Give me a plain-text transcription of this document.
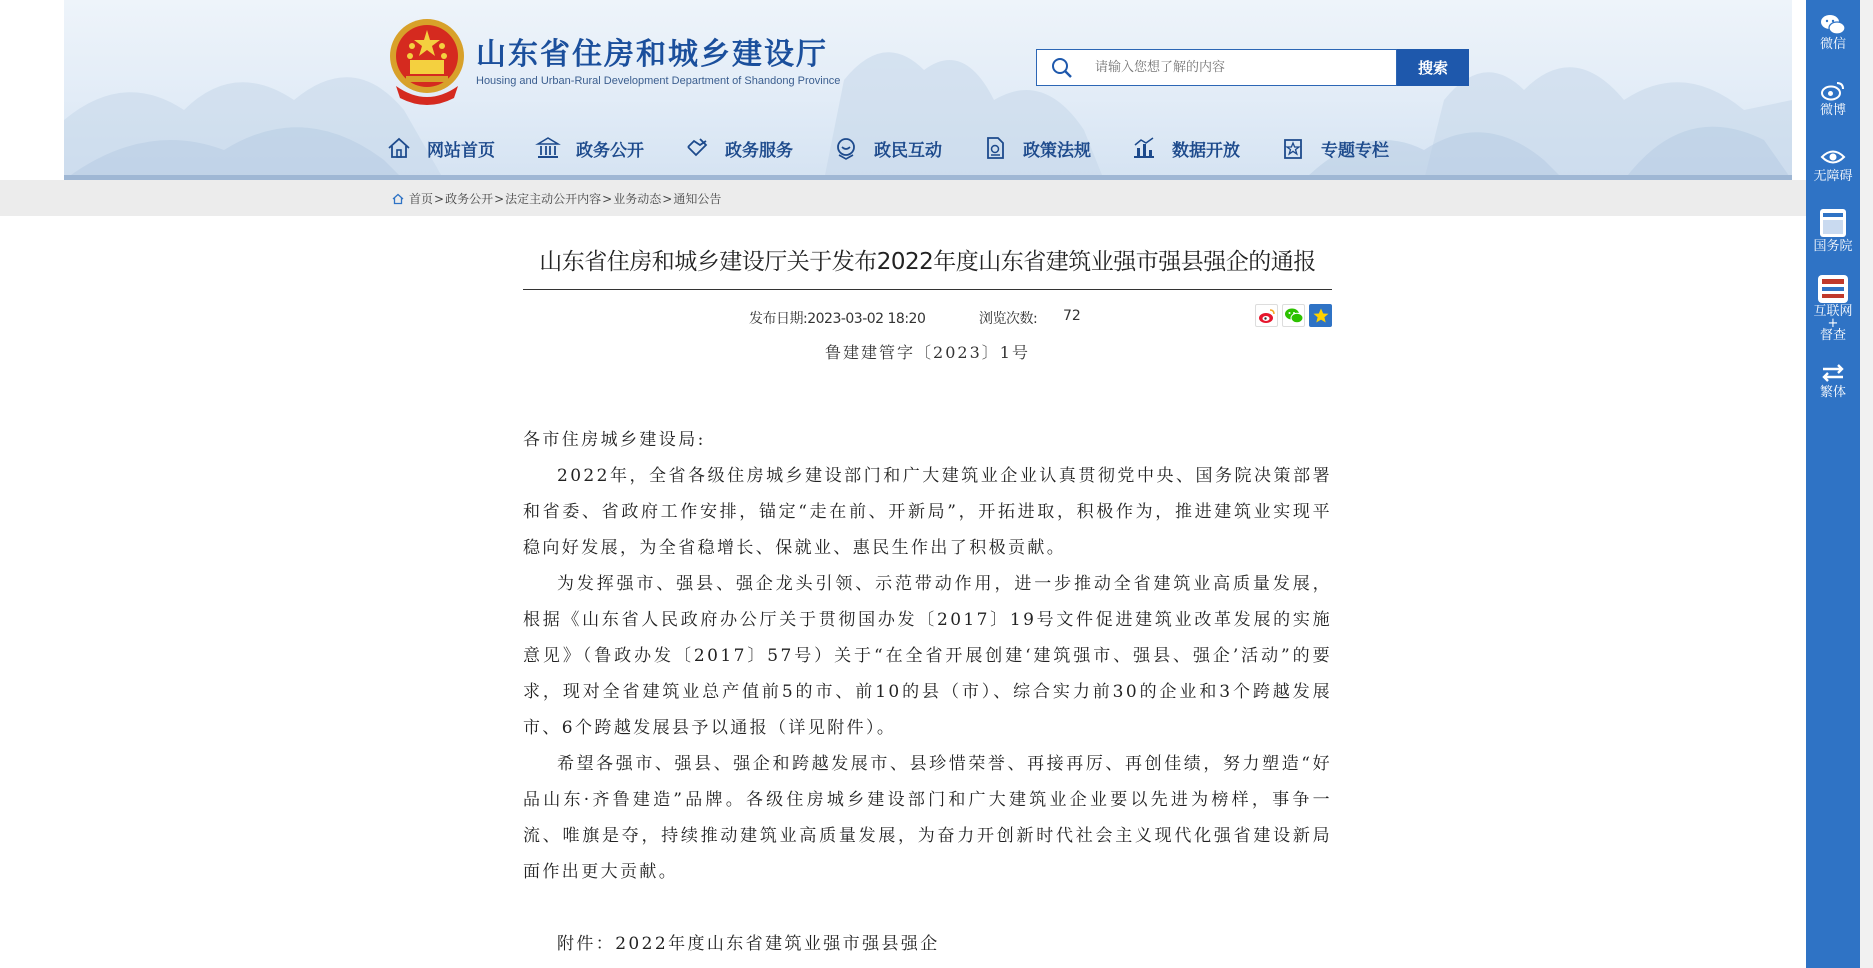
山东省住房和城乡建设厅
Housing and Urban-Rural Development Department of Shandong Province
请输入您想了解的内容
搜索
网站首页	政务公开	政务服务	政民互动	政策法规	数据开放	专题专栏
首页 > 政务公开 > 法定主动公开内容 > 业务动态 > 通知公告
山东省住房和城乡建设厅关于发布2022年度山东省建筑业强市强县强企的通报
发布日期:2023-03-02 18:20	浏览次数: 72
鲁建建管字〔2023〕1号

各市住房城乡建设局:

2022年，全省各级住房城乡建设部门和广大建筑业企业认真贯彻党中央、国务院决策部署和省委、省政府工作安排，锚定“走在前、开新局”，开拓进取，积极作为，推进建筑业实现平稳向好发展，为全省稳增长、保就业、惠民生作出了积极贡献。

为发挥强市、强县、强企龙头引领、示范带动作用，进一步推动全省建筑业高质量发展，根据《山东省人民政府办公厅关于贯彻国办发〔2017〕19号文件促进建筑业改革发展的实施意见》（鲁政办发〔2017〕57号）关于“在全省开展创建‘建筑强市、强县、强企’活动”的要求，现对全省建筑业总产值前5的市、前10的县（市）、综合实力前30的企业和3个跨越发展市、6个跨越发展县予以通报（详见附件）。

希望各强市、强县、强企和跨越发展市、县珍惜荣誉、再接再厉、再创佳绩，努力塑造“好品山东·齐鲁建造”品牌。各级住房城乡建设部门和广大建筑业企业要以先进为榜样，事争一流、唯旗是夺，持续推动建筑业高质量发展，为奋力开创新时代社会主义现代化强省建设新局面作出更大贡献。

附件：2022年度山东省建筑业强市强县强企

微信
微博
无障碍
国务院
互联网
+
督查
繁体
